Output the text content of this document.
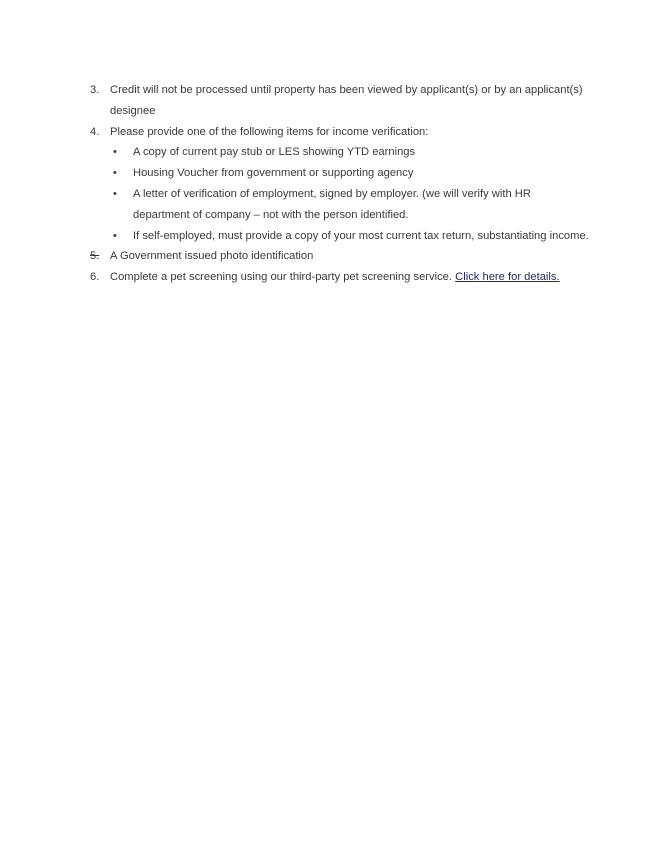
3. Credit will not be processed until property has been viewed by applicant(s) or by an applicant(s) designee
4. Please provide one of the following items for income verification:
• A copy of current pay stub or LES showing YTD earnings
• Housing Voucher from government or supporting agency
• A letter of verification of employment, signed by employer. (we will verify with HR department of company – not with the person identified.
• If self-employed, must provide a copy of your most current tax return, substantiating income.
5. A Government issued photo identification
6. Complete a pet screening using our third-party pet screening service. Click here for details.
